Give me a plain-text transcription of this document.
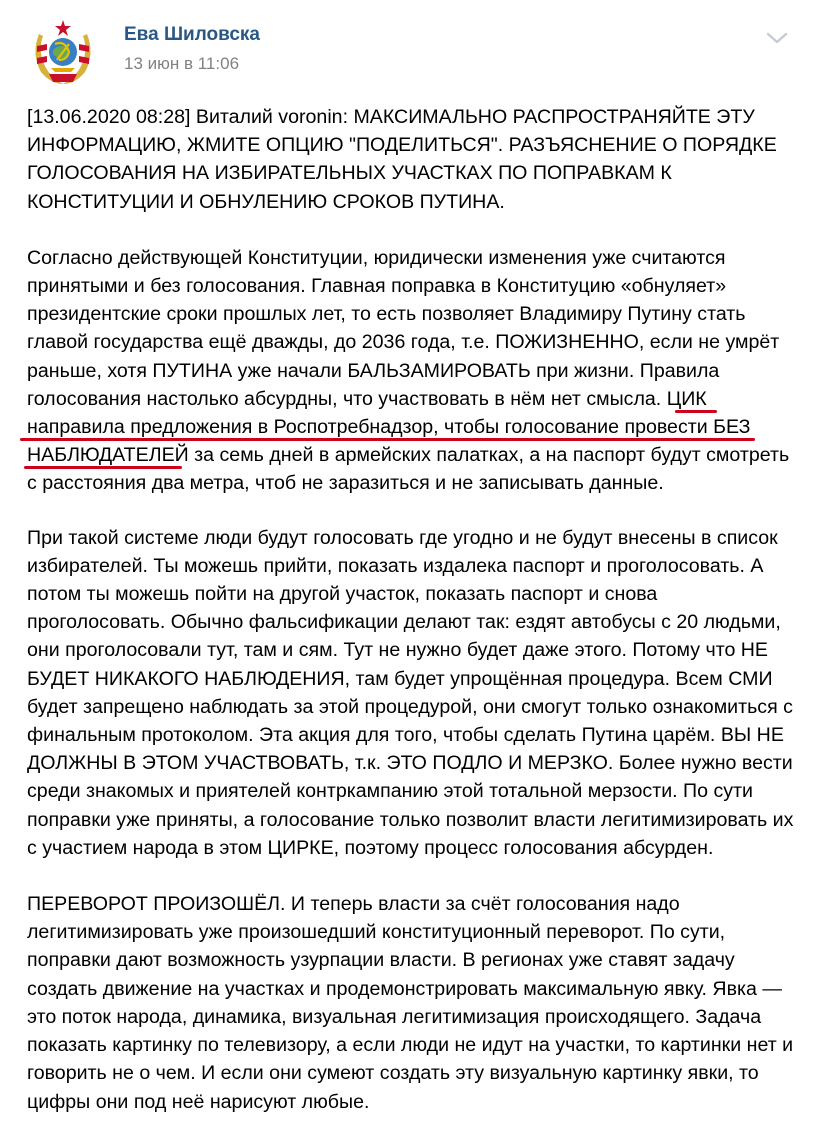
Ева Шиловска
13 июн в 11:06

[13.06.2020 08:28] Виталий voronin: МАКСИМАЛЬНО РАСПРОСТРАНЯЙТЕ ЭТУ ИНФОРМАЦИЮ, ЖМИТЕ ОПЦИЮ "ПОДЕЛИТЬСЯ". РАЗЪЯСНЕНИЕ О ПОРЯДКЕ ГОЛОСОВАНИЯ НА ИЗБИРАТЕЛЬНЫХ УЧАСТКАХ ПО ПОПРАВКАМ К КОНСТИТУЦИИ И ОБНУЛЕНИЮ СРОКОВ ПУТИНА.

Согласно действующей Конституции, юридически изменения уже считаются принятыми и без голосования. Главная поправка в Конституцию «обнуляет» президентские сроки прошлых лет, то есть позволяет Владимиру Путину стать главой государства ещё дважды, до 2036 года, т.е. ПОЖИЗНЕННО, если не умрёт раньше, хотя ПУТИНА уже начали БАЛЬЗАМИРОВАТЬ при жизни. Правила голосования настолько абсурдны, что участвовать в нём нет смысла. ЦИК направила предложения в Роспотребнадзор, чтобы голосование провести БЕЗ НАБЛЮДАТЕЛЕЙ за семь дней в армейских палатках, а на паспорт будут смотреть с расстояния два метра, чтоб не заразиться и не записывать данные.

При такой системе люди будут голосовать где угодно и не будут внесены в список избирателей. Ты можешь прийти, показать издалека паспорт и проголосовать. А потом ты можешь пойти на другой участок, показать паспорт и снова проголосовать. Обычно фальсификации делают так: ездят автобусы с 20 людьми, они проголосовали тут, там и сям. Тут не нужно будет даже этого. Потому что НЕ БУДЕТ НИКАКОГО НАБЛЮДЕНИЯ, там будет упрощённая процедура. Всем СМИ будет запрещено наблюдать за этой процедурой, они смогут только ознакомиться с финальным протоколом. Эта акция для того, чтобы сделать Путина царём. ВЫ НЕ ДОЛЖНЫ В ЭТОМ УЧАСТВОВАТЬ, т.к. ЭТО ПОДЛО И МЕРЗКО. Более нужно вести среди знакомых и приятелей контркампанию этой тотальной мерзости. По сути поправки уже приняты, а голосование только позволит власти легитимизировать их с участием народа в этом ЦИРКЕ, поэтому процесс голосования абсурден.

ПЕРЕВОРОТ ПРОИЗОШЁЛ. И теперь власти за счёт голосования надо легитимизировать уже произошедший конституционный переворот. По сути, поправки дают возможность узурпации власти. В регионах уже ставят задачу создать движение на участках и продемонстрировать максимальную явку. Явка — это поток народа, динамика, визуальная легитимизация происходящего. Задача показать картинку по телевизору, а если люди не идут на участки, то картинки нет и говорить не о чем. И если они сумеют создать эту визуальную картинку явки, то цифры они под неё нарисуют любые.
